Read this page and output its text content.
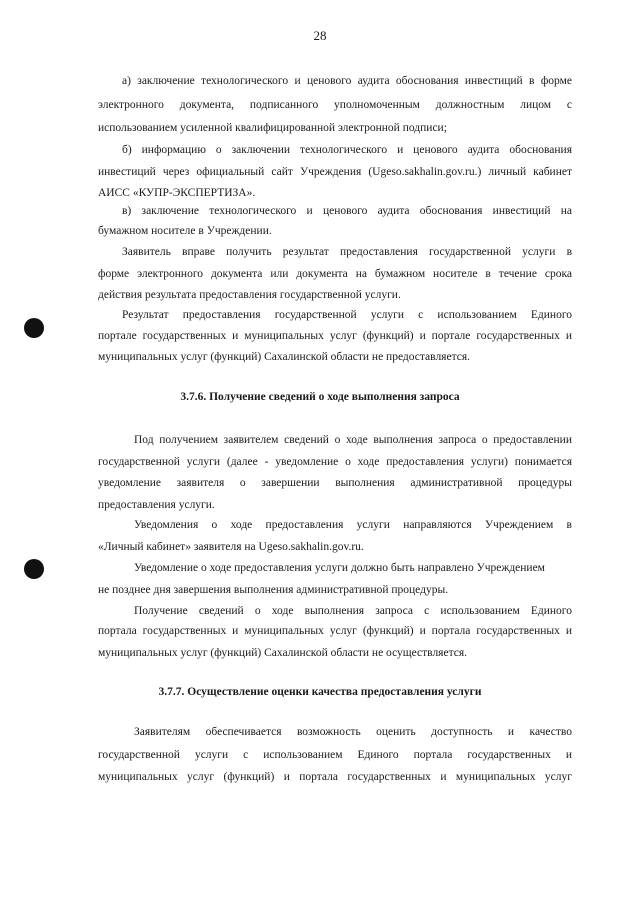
28
а) заключение технологического и ценового аудита обоснования инвестиций в форме
электронного документа, подписанного уполномоченным должностным лицом с
использованием усиленной квалифицированной электронной подписи;
б) информацию о заключении технологического и ценового аудита обоснования
инвестиций через официальный сайт Учреждения (Ugeso.sakhalin.gov.ru.) личный кабинет
АИСС «КУПР-ЭКСПЕРТИЗА».
в) заключение технологического и ценового аудита обоснования инвестиций на
бумажном носителе в Учреждении.
Заявитель вправе получить результат предоставления государственной услуги в
форме электронного документа или документа на бумажном носителе в течение срока
действия результата предоставления государственной услуги.
Результат предоставления государственной услуги с использованием Единого
портале государственных и муниципальных услуг (функций) и портале государственных и
муниципальных услуг (функций) Сахалинской области не предоставляется.
3.7.6. Получение сведений о ходе выполнения запроса
Под получением заявителем сведений о ходе выполнения запроса о предоставлении
государственной услуги (далее - уведомление о ходе предоставления услуги) понимается
уведомление заявителя о завершении выполнения административной процедуры
предоставления услуги.
Уведомления о ходе предоставления услуги направляются Учреждением в
«Личный кабинет» заявителя на Ugeso.sakhalin.gov.ru.
Уведомление о ходе предоставления услуги должно быть направлено Учреждением
не позднее дня завершения выполнения административной процедуры.
Получение сведений о ходе выполнения запроса с использованием Единого
портала государственных и муниципальных услуг (функций) и портала государственных и
муниципальных услуг (функций) Сахалинской области не осуществляется.
3.7.7. Осуществление оценки качества предоставления услуги
Заявителям обеспечивается возможность оценить доступность и качество
государственной услуги с использованием Единого портала государственных и
муниципальных услуг (функций) и портала государственных и муниципальных услуг
